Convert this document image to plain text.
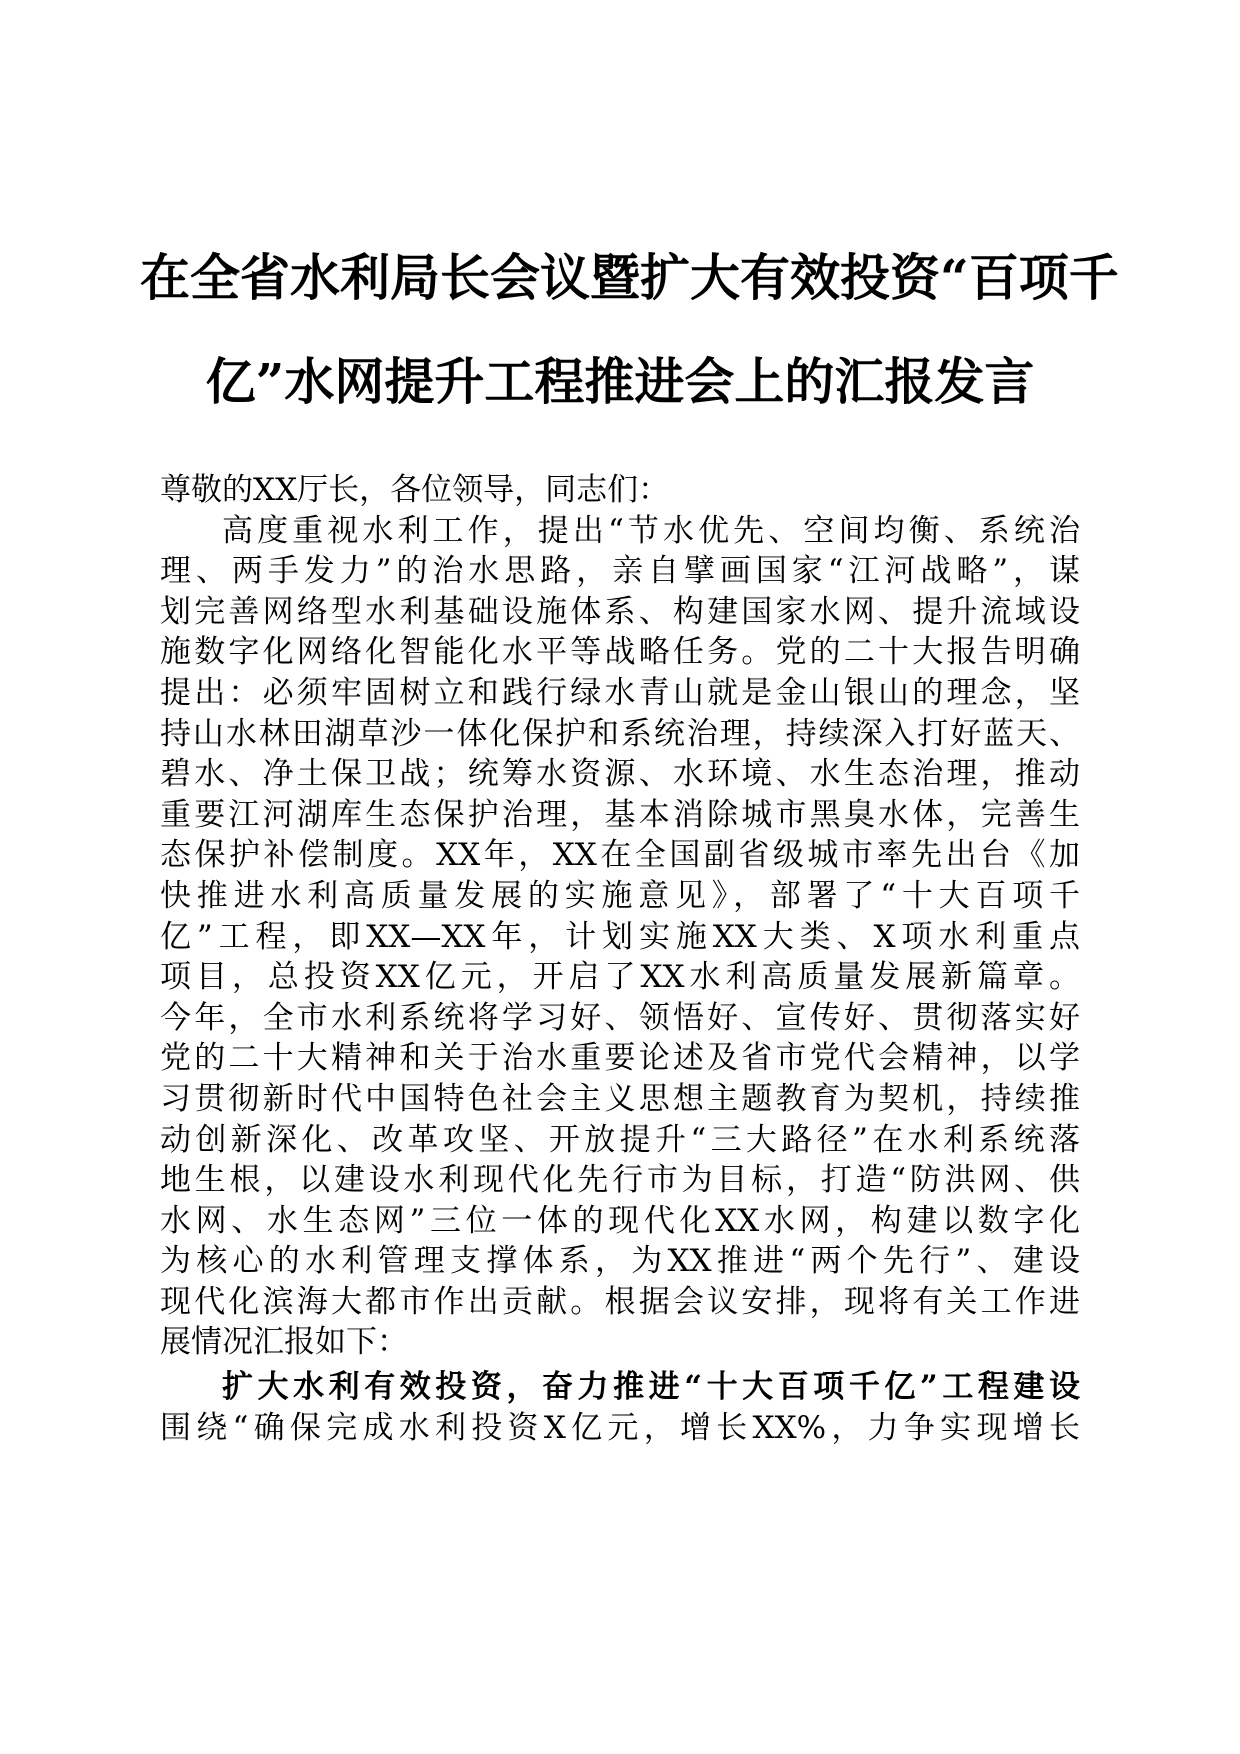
在全省水利局长会议暨扩大有效投资“百项千
亿”水网提升工程推进会上的汇报发言
尊敬的XX厅长，各位领导，同志们：
高度重视水利工作，提出“节水优先、空间均衡、系统治
理、两手发力”的治水思路，亲自擘画国家“江河战略”，谋
划完善网络型水利基础设施体系、构建国家水网、提升流域设
施数字化网络化智能化水平等战略任务。党的二十大报告明确
提出：必须牢固树立和践行绿水青山就是金山银山的理念，坚
持山水林田湖草沙一体化保护和系统治理，持续深入打好蓝天、
碧水、净土保卫战；统筹水资源、水环境、水生态治理，推动
重要江河湖库生态保护治理，基本消除城市黑臭水体，完善生
态保护补偿制度。XX年，XX在全国副省级城市率先出台《加
快推进水利高质量发展的实施意见》，部署了“十大百项千
亿”工程，即XX—XX年，计划实施XX大类、X项水利重点
项目，总投资XX亿元，开启了XX水利高质量发展新篇章。
今年，全市水利系统将学习好、领悟好、宣传好、贯彻落实好
党的二十大精神和关于治水重要论述及省市党代会精神，以学
习贯彻新时代中国特色社会主义思想主题教育为契机，持续推
动创新深化、改革攻坚、开放提升“三大路径”在水利系统落
地生根，以建设水利现代化先行市为目标，打造“防洪网、供
水网、水生态网”三位一体的现代化XX水网，构建以数字化
为核心的水利管理支撑体系，为XX推进“两个先行”、建设
现代化滨海大都市作出贡献。根据会议安排，现将有关工作进
展情况汇报如下：
扩大水利有效投资，奋力推进“十大百项千亿”工程建设
围绕“确保完成水利投资X亿元，增长XX%，力争实现增长
